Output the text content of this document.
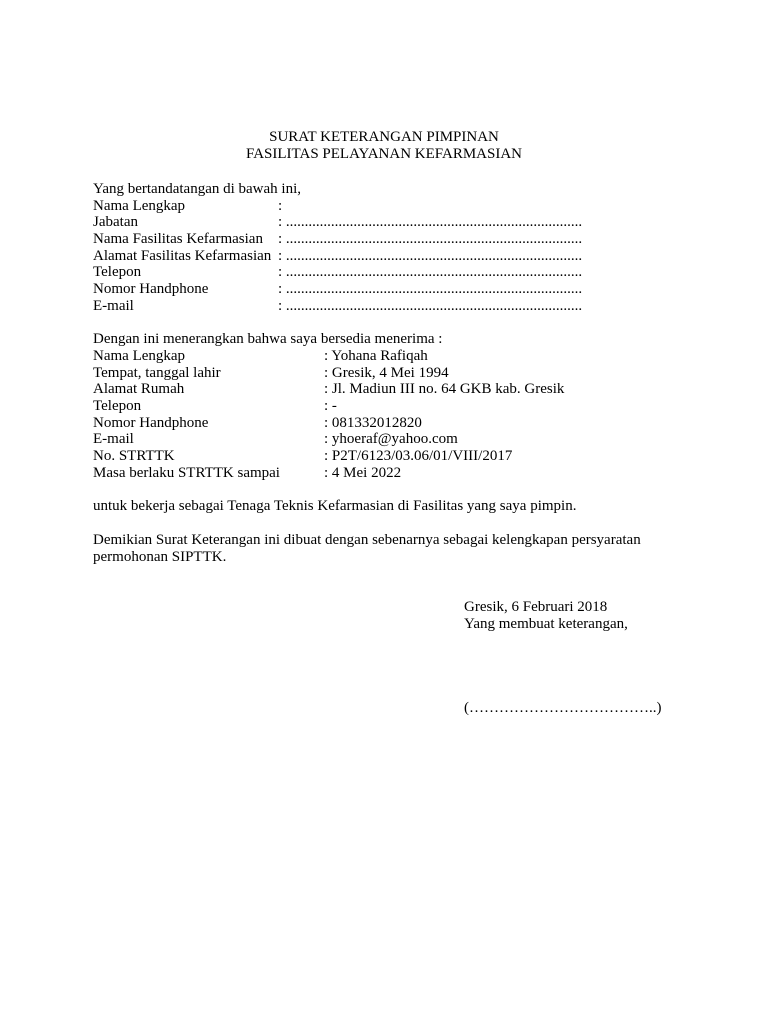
SURAT KETERANGAN PIMPINAN
FASILITAS PELAYANAN KEFARMASIAN
Yang bertandatangan di bawah ini,
Nama Lengkap	:
Jabatan	: ...............................................................................
Nama Fasilitas Kefarmasian : ...............................................................................
Alamat Fasilitas Kefarmasian : ...............................................................................
Telepon	: ...............................................................................
Nomor Handphone	: ...............................................................................
E-mail	: ...............................................................................
Dengan ini menerangkan bahwa saya bersedia menerima :
Nama Lengkap	: Yohana Rafiqah
Tempat, tanggal lahir	: Gresik, 4 Mei 1994
Alamat Rumah	: Jl. Madiun III no. 64 GKB kab. Gresik
Telepon	: -
Nomor Handphone	: 081332012820
E-mail	: yhoeraf@yahoo.com
No. STRTTK	: P2T/6123/03.06/01/VIII/2017
Masa berlaku STRTTK sampai	: 4 Mei 2022
untuk bekerja sebagai Tenaga Teknis Kefarmasian di Fasilitas yang saya pimpin.
Demikian Surat Keterangan ini dibuat dengan sebenarnya sebagai kelengkapan persyaratan
permohonan SIPTTK.
Gresik, 6 Februari 2018
Yang membuat keterangan,
(………………………………..)
